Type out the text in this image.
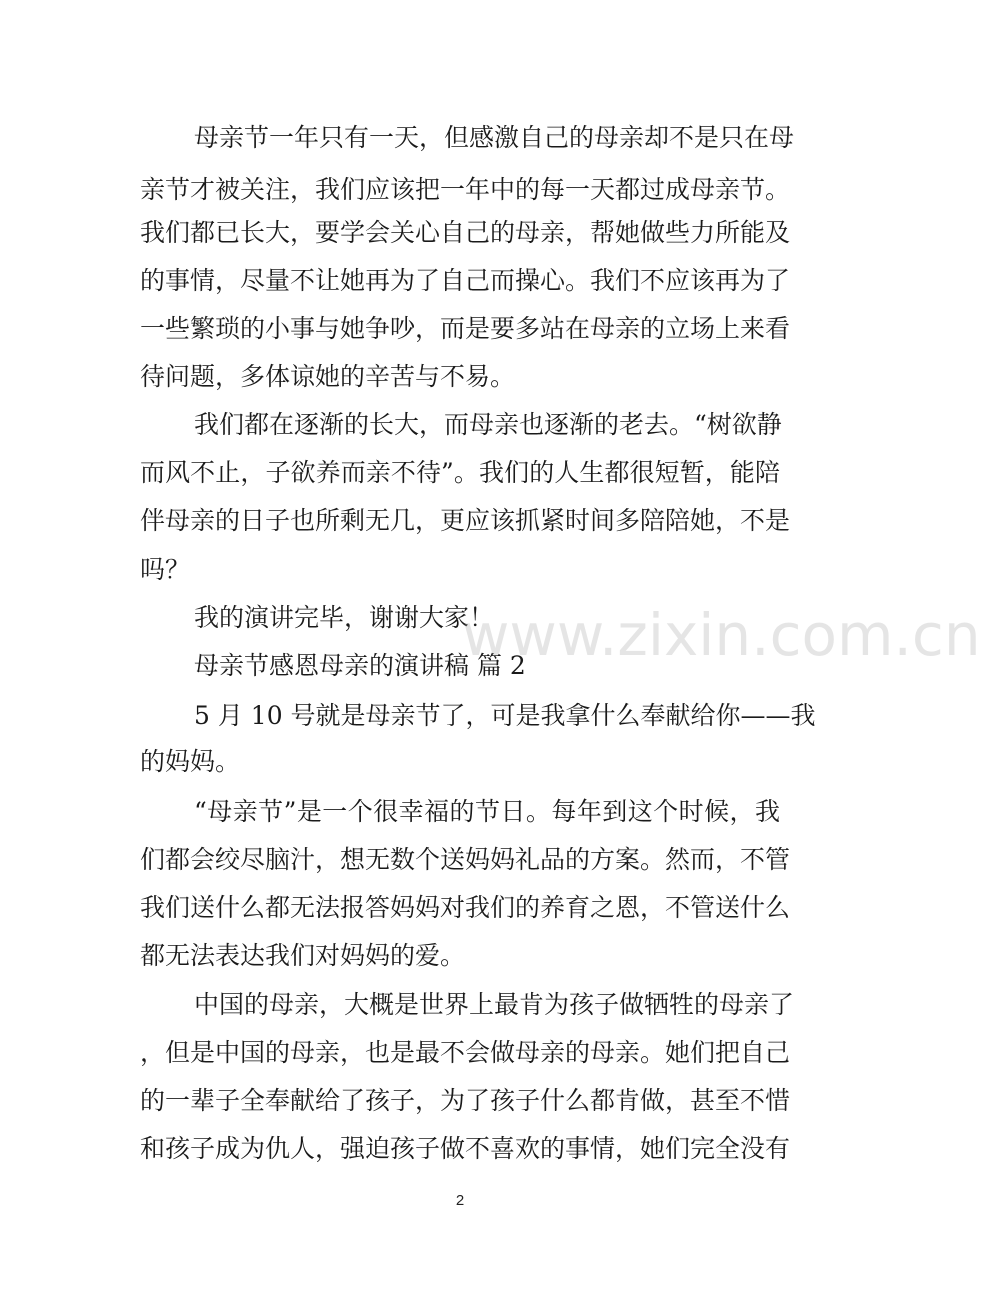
母亲节一年只有一天，但感激自己的母亲却不是只在母
亲节才被关注，我们应该把一年中的每一天都过成母亲节。
我们都已长大，要学会关心自己的母亲，帮她做些力所能及
的事情，尽量不让她再为了自己而操心。我们不应该再为了
一些繁琐的小事与她争吵，而是要多站在母亲的立场上来看
待问题，多体谅她的辛苦与不易。
我们都在逐渐的长大，而母亲也逐渐的老去。“树欲静
而风不止，子欲养而亲不待”。我们的人生都很短暂，能陪
伴母亲的日子也所剩无几，更应该抓紧时间多陪陪她，不是
吗？
我的演讲完毕，谢谢大家！
母亲节感恩母亲的演讲稿 篇 2
5 月 10 号就是母亲节了，可是我拿什么奉献给你——我
的妈妈。
“母亲节”是一个很幸福的节日。每年到这个时候，我
们都会绞尽脑汁，想无数个送妈妈礼品的方案。然而，不管
我们送什么都无法报答妈妈对我们的养育之恩，不管送什么
都无法表达我们对妈妈的爱。
中国的母亲，大概是世界上最肯为孩子做牺牲的母亲了
，但是中国的母亲，也是最不会做母亲的母亲。她们把自己
的一辈子全奉献给了孩子，为了孩子什么都肯做，甚至不惜
和孩子成为仇人，强迫孩子做不喜欢的事情，她们完全没有
www.zixin.com.cn
2
